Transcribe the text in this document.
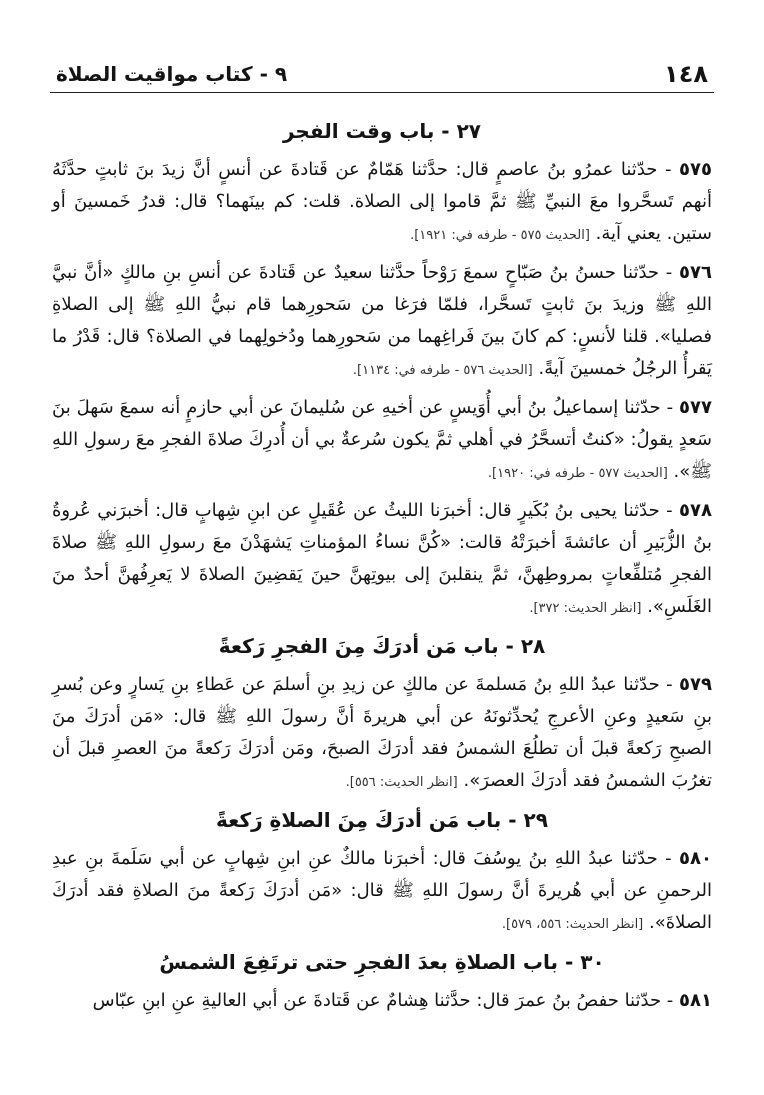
١٤٨
٩ - كتاب مواقيت الصلاة
٢٧ - باب وقت الفجر

٥٧٥ - حدّثنا عمرُو بنُ عاصمٍ قال: حدَّثنا هَمّامٌ عن قَتادةَ عن أنسٍ أنَّ زيدَ بنَ ثابتٍ حدَّثَهُ أنهم تَسحَّروا معَ النبيِّ ﷺ ثمَّ قاموا إلى الصلاة. قلت: كم بينَهما؟ قال: قدرُ خَمسينَ أو ستين. يعني آية. [الحديث ٥٧٥ - طرفه في: ١٩٢١].

٥٧٦ - حدّثنا حسنُ بنُ صَبّاحٍ سمعَ رَوْحاً حدَّثنا سعيدٌ عن قَتادةَ عن أنسِ بنِ مالكٍ «أنَّ نبيَّ اللهِ ﷺ وزيدَ بنَ ثابتٍ تَسحَّرا، فلمّا فرَغا من سَحورِهما قام نبيُّ اللهِ ﷺ إلى الصلاةِ فصليا». قلنا لأنسٍ: كم كانَ بينَ فَراغِهما من سَحورِهما ودُخولِهما في الصلاة؟ قال: قَدْرُ ما يَقرأُ الرجُلُ خمسينَ آيةً. [الحديث ٥٧٦ - طرفه في: ١١٣٤].

٥٧٧ - حدّثنا إسماعيلُ بنُ أبي أُوَيسٍ عن أخيهِ عن سُليمانَ عن أبي حازمٍ أنه سمعَ سَهلَ بنَ سَعدٍ يقولُ: «كنتُ أتسحَّرُ في أهلي ثمَّ يكون سُرعةٌ بي أن أُدرِكَ صلاةَ الفجرِ معَ رسولِ اللهِ ﷺ». [الحديث ٥٧٧ - طرفه في: ١٩٢٠].

٥٧٨ - حدّثنا يحيى بنُ بُكَيرٍ قال: أخبرَنا الليثُ عن عُقَيلٍ عن ابنِ شِهابٍ قال: أخبرَني عُروةُ بنُ الزُّبَيرِ أن عائشةَ أخبرَتْهُ قالت: «كُنَّ نساءُ المؤمناتِ يَشهَدْنَ معَ رسولِ اللهِ ﷺ صلاةَ الفجرِ مُتلفِّعاتٍ بمروطِهنَّ، ثمَّ ينقلبنَ إلى بيوتِهنَّ حينَ يَقضِينَ الصلاةَ لا يَعرِفُهنَّ أحدٌ منَ الغَلَسِ». [انظر الحديث: ٣٧٢].

٢٨ - باب مَن أدرَكَ مِنَ الفجرِ رَكعةً

٥٧٩ - حدّثنا عبدُ اللهِ بنُ مَسلمةَ عن مالكٍ عن زيدِ بنِ أسلمَ عن عَطاءِ بنِ يَسارٍ وعن بُسرِ بنِ سَعيدٍ وعنِ الأعرجِ يُحدِّثونَهُ عن أبي هريرةَ أنَّ رسولَ اللهِ ﷺ قال: «مَن أدرَكَ منَ الصبحِ رَكعةً قبلَ أن تطلُعَ الشمسُ فقد أدرَكَ الصبحَ، ومَن أدرَكَ رَكعةً منَ العصرِ قبلَ أن تغرُبَ الشمسُ فقد أدرَكَ العصرَ». [انظر الحديث: ٥٥٦].

٢٩ - باب مَن أدرَكَ مِنَ الصلاةِ رَكعةً

٥٨٠ - حدّثنا عبدُ اللهِ بنُ يوسُفَ قال: أخبرَنا مالكٌ عنِ ابنِ شِهابٍ عن أبي سَلَمةَ بنِ عبدِ الرحمنِ عن أبي هُريرةَ أنَّ رسولَ اللهِ ﷺ قال: «مَن أدرَكَ رَكعةً منَ الصلاةِ فقد أدرَكَ الصلاةَ». [انظر الحديث: ٥٥٦، ٥٧٩].

٣٠ - باب الصلاةِ بعدَ الفجرِ حتى ترتَفِعَ الشمسُ

٥٨١ - حدّثنا حفصُ بنُ عمرَ قال: حدَّثنا هِشامٌ عن قَتادةَ عن أبي العاليةِ عنِ ابنِ عبّاس
